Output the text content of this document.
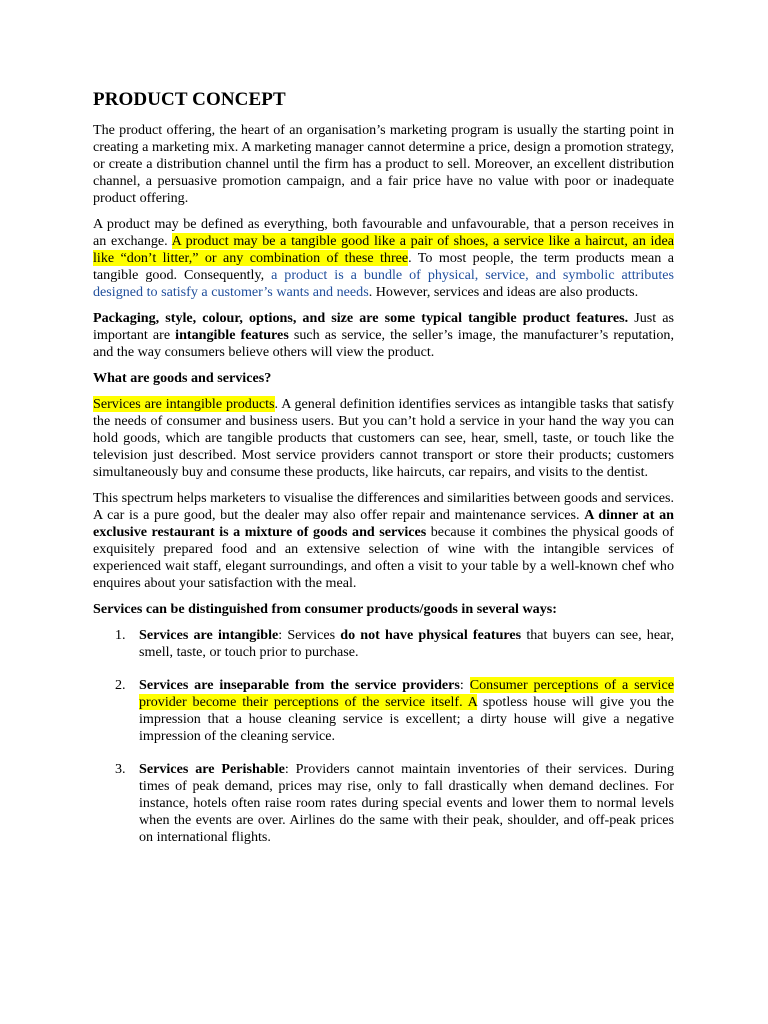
PRODUCT CONCEPT

The product offering, the heart of an organisation’s marketing program is usually the starting point in creating a marketing mix. A marketing manager cannot determine a price, design a promotion strategy, or create a distribution channel until the firm has a product to sell. Moreover, an excellent distribution channel, a persuasive promotion campaign, and a fair price have no value with poor or inadequate product offering.

A product may be defined as everything, both favourable and unfavourable, that a person receives in an exchange. A product may be a tangible good like a pair of shoes, a service like a haircut, an idea like “don’t litter,” or any combination of these three. To most people, the term products mean a tangible good. Consequently, a product is a bundle of physical, service, and symbolic attributes designed to satisfy a customer’s wants and needs. However, services and ideas are also products.

Packaging, style, colour, options, and size are some typical tangible product features. Just as important are intangible features such as service, the seller’s image, the manufacturer’s reputation, and the way consumers believe others will view the product.

What are goods and services?

Services are intangible products. A general definition identifies services as intangible tasks that satisfy the needs of consumer and business users. But you can’t hold a service in your hand the way you can hold goods, which are tangible products that customers can see, hear, smell, taste, or touch like the television just described. Most service providers cannot transport or store their products; customers simultaneously buy and consume these products, like haircuts, car repairs, and visits to the dentist.

This spectrum helps marketers to visualise the differences and similarities between goods and services. A car is a pure good, but the dealer may also offer repair and maintenance services. A dinner at an exclusive restaurant is a mixture of goods and services because it combines the physical goods of exquisitely prepared food and an extensive selection of wine with the intangible services of experienced wait staff, elegant surroundings, and often a visit to your table by a well-known chef who enquires about your satisfaction with the meal.

Services can be distinguished from consumer products/goods in several ways:

1. Services are intangible: Services do not have physical features that buyers can see, hear, smell, taste, or touch prior to purchase.
2. Services are inseparable from the service providers: Consumer perceptions of a service provider become their perceptions of the service itself. A spotless house will give you the impression that a house cleaning service is excellent; a dirty house will give a negative impression of the cleaning service.
3. Services are Perishable: Providers cannot maintain inventories of their services. During times of peak demand, prices may rise, only to fall drastically when demand declines. For instance, hotels often raise room rates during special events and lower them to normal levels when the events are over. Airlines do the same with their peak, shoulder, and off-peak prices on international flights.
